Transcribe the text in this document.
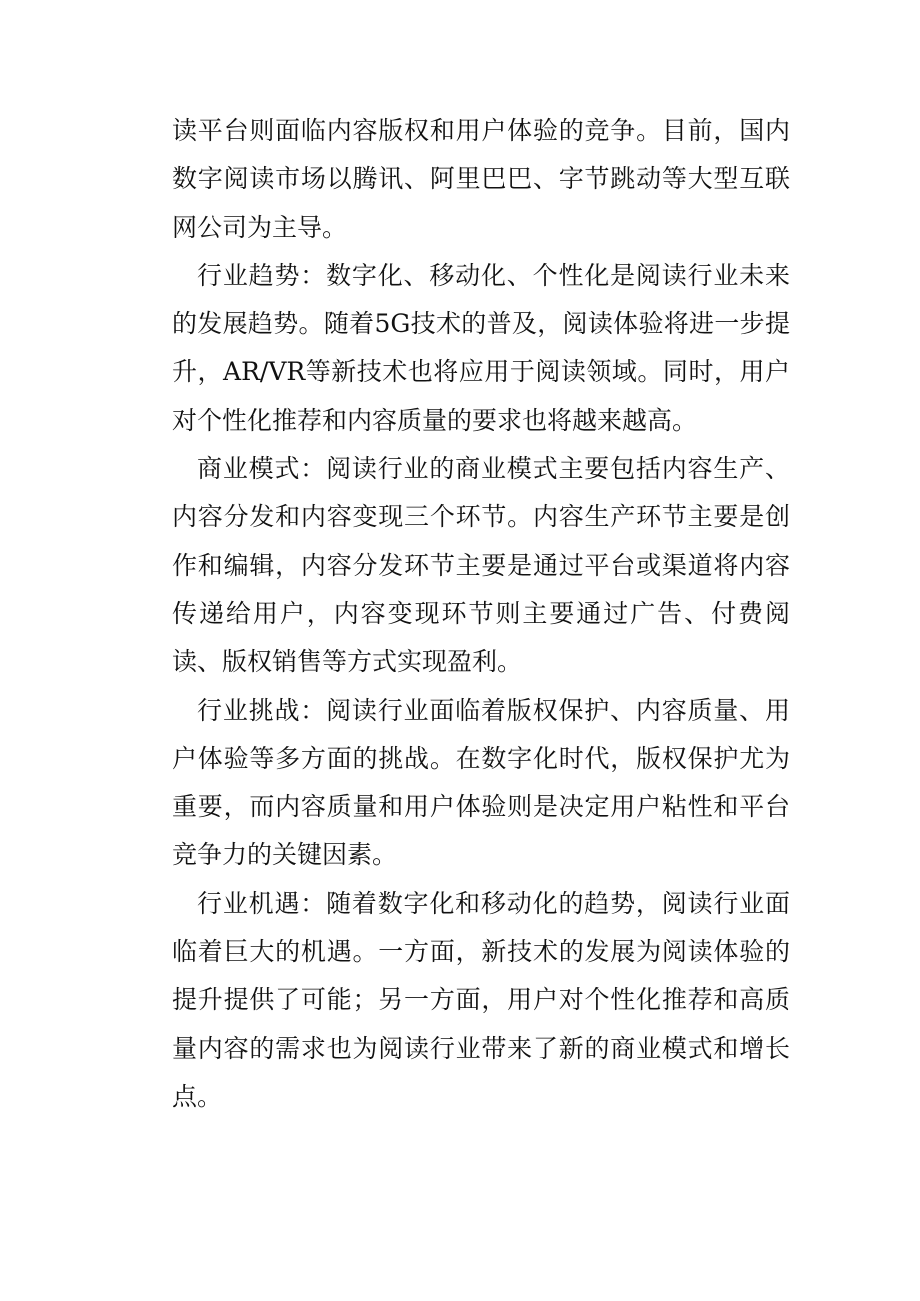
读平台则面临内容版权和用户体验的竞争。目前，国内数字阅读市场以腾讯、阿里巴巴、字节跳动等大型互联网公司为主导。

行业趋势：数字化、移动化、个性化是阅读行业未来的发展趋势。随着5G技术的普及，阅读体验将进一步提升，AR/VR等新技术也将应用于阅读领域。同时，用户对个性化推荐和内容质量的要求也将越来越高。

商业模式：阅读行业的商业模式主要包括内容生产、内容分发和内容变现三个环节。内容生产环节主要是创作和编辑，内容分发环节主要是通过平台或渠道将内容传递给用户，内容变现环节则主要通过广告、付费阅读、版权销售等方式实现盈利。

行业挑战：阅读行业面临着版权保护、内容质量、用户体验等多方面的挑战。在数字化时代，版权保护尤为重要，而内容质量和用户体验则是决定用户粘性和平台竞争力的关键因素。

行业机遇：随着数字化和移动化的趋势，阅读行业面临着巨大的机遇。一方面，新技术的发展为阅读体验的提升提供了可能；另一方面，用户对个性化推荐和高质量内容的需求也为阅读行业带来了新的商业模式和增长点。
